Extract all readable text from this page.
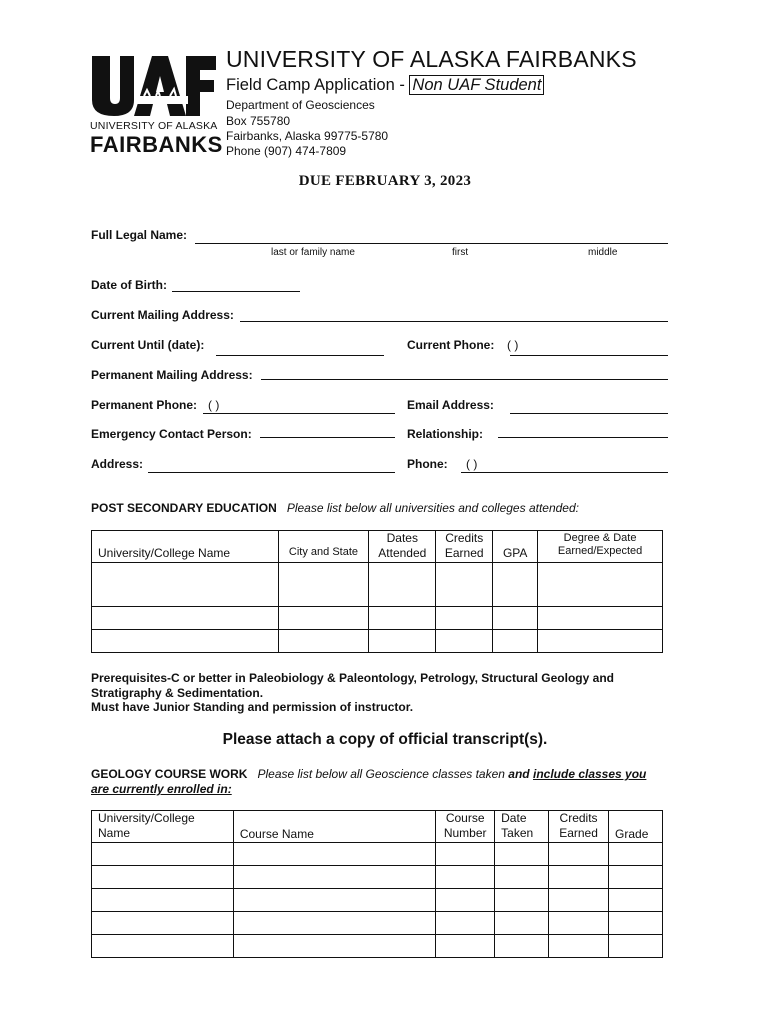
UNIVERSITY OF ALASKA
FAIRBANKS
UNIVERSITY OF ALASKA FAIRBANKS
Field Camp Application - Non UAF Student
Department of Geosciences
Box 755780
Fairbanks, Alaska 99775-5780
Phone (907) 474-7809
DUE FEBRUARY 3, 2023
Full Legal Name:
last or family name	first	middle
Date of Birth:
Current Mailing Address:
Current Until (date):	Current Phone: ( )
Permanent Mailing Address:
Permanent Phone: ( )	Email Address:
Emergency Contact Person:	Relationship:
Address:	Phone: ( )
POST SECONDARY EDUCATION Please list below all universities and colleges attended:
University/College Name	City and State	Dates Attended	Credits Earned	GPA	Degree & Date Earned/Expected

Prerequisites-C or better in Paleobiology & Paleontology, Petrology, Structural Geology and
Stratigraphy & Sedimentation.
Must have Junior Standing and permission of instructor.
Please attach a copy of official transcript(s).
GEOLOGY COURSE WORK Please list below all Geoscience classes taken and include classes you
are currently enrolled in:
University/College Name	Course Name	Course Number	Date Taken	Credits Earned	Grade
